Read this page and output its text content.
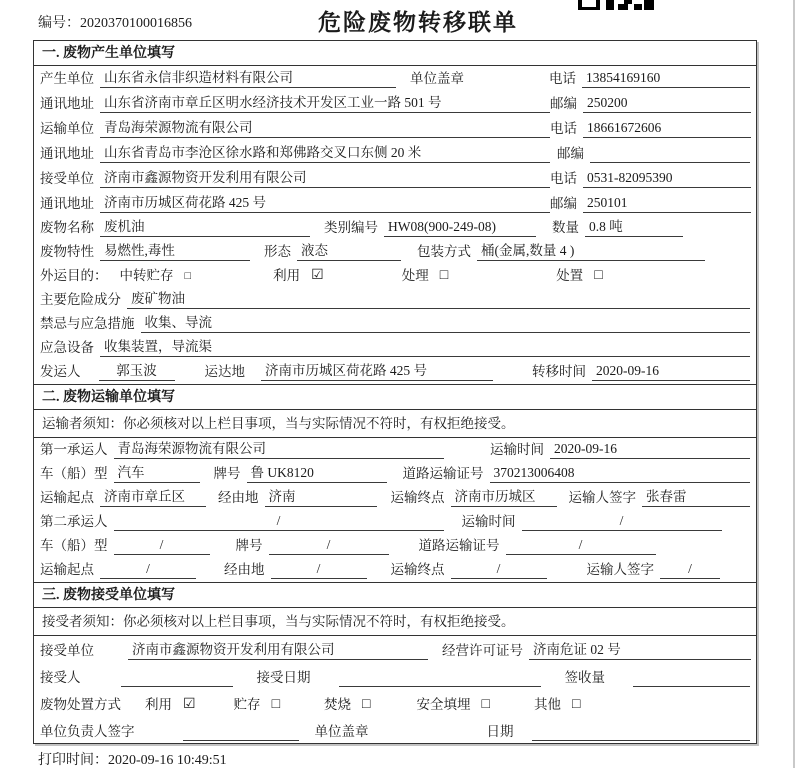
编号：2020370100016856	危险废物转移联单
一. 废物产生单位填写
产生单位 山东省永信非织造材料有限公司	单位盖章	电话 13854169160
通讯地址 山东省济南市章丘区明水经济技术开发区工业一路 501 号	邮编 250200
运输单位 青岛海荣源物流有限公司	电话 18661672606
通讯地址 山东省青岛市李沧区徐水路和郑佛路交叉口东侧 20 米	邮编
接受单位 济南市鑫源物资开发利用有限公司	电话 0531-82095390
通讯地址 济南市历城区荷花路 425 号	邮编 250101
废物名称 废机油	类别编号 HW08(900-249-08)	数量 0.8 吨
废物特性 易燃性,毒性	形态 液态	包装方式 桶(金属,数量 4 )
外运目的： 中转贮存 □	利用 ☑	处理 □	处置 □
主要危险成分 废矿物油
禁忌与应急措施 收集、导流
应急设备 收集装置，导流渠
发运人	郭玉波	运达地 济南市历城区荷花路 425 号	转移时间 2020-09-16
二. 废物运输单位填写
运输者须知：你必须核对以上栏目事项，当与实际情况不符时，有权拒绝接受。
第一承运人 青岛海荣源物流有限公司	运输时间 2020-09-16
车（船）型 汽车	牌号 鲁 UK8120	道路运输证号 370213006408
运输起点 济南市章丘区	经由地 济南	运输终点 济南市历城区	运输人签字 张春雷
第二承运人	/	运输时间	/
车（船）型	/	牌号	/	道路运输证号	/
运输起点	/	经由地	/	运输终点	/	运输人签字	/
三. 废物接受单位填写
接受者须知：你必须核对以上栏目事项，当与实际情况不符时，有权拒绝接受。
接受单位	济南市鑫源物资开发利用有限公司	经营许可证号 济南危证 02 号
接受人	接受日期	签收量
废物处置方式 利用 ☑	贮存 □	焚烧 □	安全填埋 □	其他 □
单位负责人签字	单位盖章	日期
打印时间：2020-09-16 10:49:51
